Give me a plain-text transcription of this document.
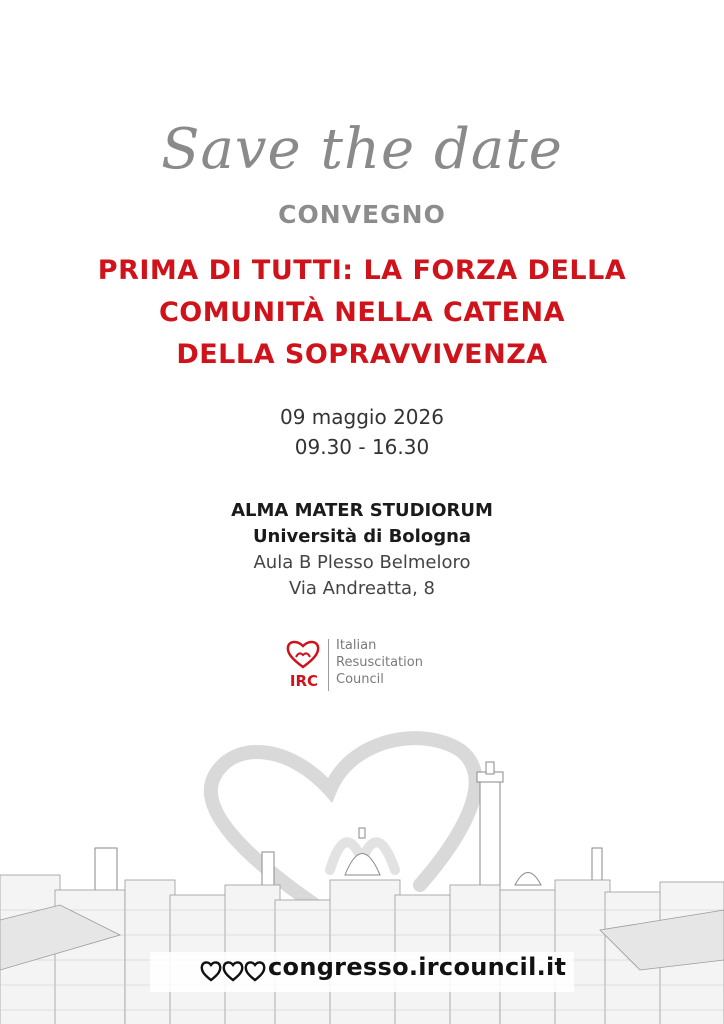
Save the date
CONVEGNO
PRIMA DI TUTTI: LA FORZA DELLA
COMUNITÀ NELLA CATENA
DELLA SOPRAVVIVENZA
09 maggio 2026
09.30 - 16.30
ALMA MATER STUDIORUM
Università di Bologna
Aula B Plesso Belmeloro
Via Andreatta, 8
IRC
Italian
Resuscitation
Council
congresso.ircouncil.it
